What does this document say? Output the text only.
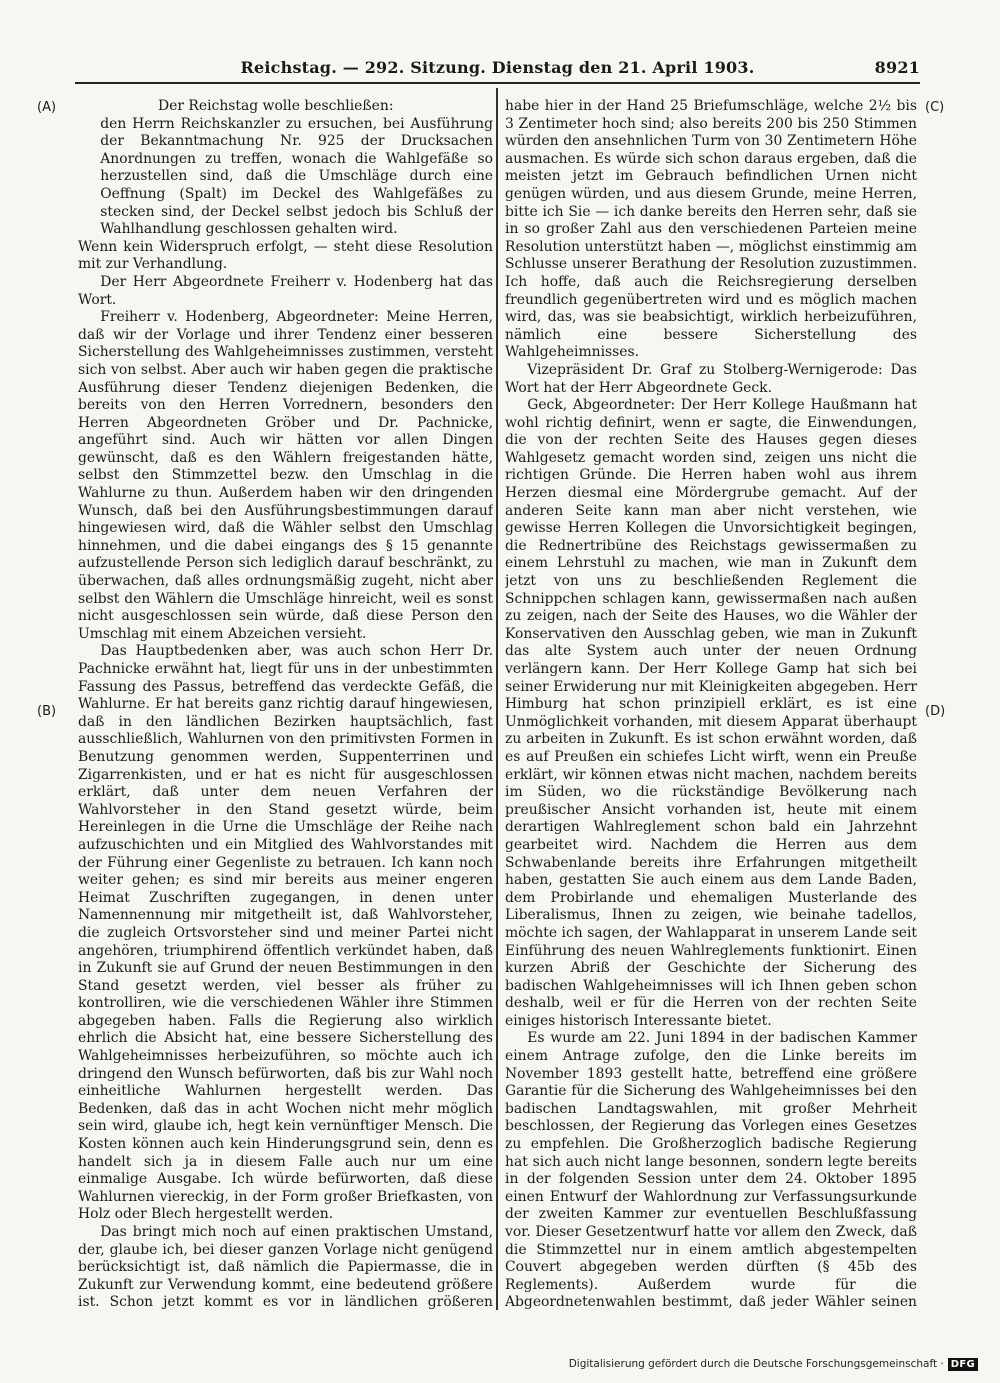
Reichstag. — 292. Sitzung. Dienstag den 21. April 1903.	8921
(A)
(B)
(C)
(D)

Der Reichstag wolle beschließen:

den Herrn Reichskanzler zu ersuchen, bei Ausführung der Bekanntmachung Nr. 925 der Drucksachen Anordnungen zu treffen, wonach die Wahlgefäße so herzustellen sind, daß die Umschläge durch eine Oeffnung (Spalt) im Deckel des Wahlgefäßes zu stecken sind, der Deckel selbst jedoch bis Schluß der Wahlhandlung geschlossen gehalten wird.

Wenn kein Widerspruch erfolgt, — steht diese Resolution mit zur Verhandlung.

Der Herr Abgeordnete Freiherr v. Hodenberg hat das Wort.

Freiherr v. Hodenberg, Abgeordneter: Meine Herren, daß wir der Vorlage und ihrer Tendenz einer besseren Sicherstellung des Wahlgeheimnisses zustimmen, versteht sich von selbst. Aber auch wir haben gegen die praktische Ausführung dieser Tendenz diejenigen Bedenken, die bereits von den Herren Vorrednern, besonders den Herren Abgeordneten Gröber und Dr. Pachnicke, angeführt sind. Auch wir hätten vor allen Dingen gewünscht, daß es den Wählern freigestanden hätte, selbst den Stimmzettel bezw. den Umschlag in die Wahlurne zu thun. Außerdem haben wir den dringenden Wunsch, daß bei den Ausführungsbestimmungen darauf hingewiesen wird, daß die Wähler selbst den Umschlag hinnehmen, und die dabei eingangs des § 15 genannte aufzustellende Person sich lediglich darauf beschränkt, zu überwachen, daß alles ordnungsmäßig zugeht, nicht aber selbst den Wählern die Umschläge hinreicht, weil es sonst nicht ausgeschlossen sein würde, daß diese Person den Umschlag mit einem Abzeichen versieht.

Das Hauptbedenken aber, was auch schon Herr Dr. Pachnicke erwähnt hat, liegt für uns in der unbestimmten Fassung des Passus, betreffend das verdeckte Gefäß, die Wahlurne. Er hat bereits ganz richtig darauf hingewiesen, daß in den ländlichen Bezirken hauptsächlich, fast ausschließlich, Wahlurnen von den primitivsten Formen in Benutzung genommen werden, Suppenterrinen und Zigarrenkisten, und er hat es nicht für ausgeschlossen erklärt, daß unter dem neuen Verfahren der Wahlvorsteher in den Stand gesetzt würde, beim Hereinlegen in die Urne die Umschläge der Reihe nach aufzuschichten und ein Mitglied des Wahlvorstandes mit der Führung einer Gegenliste zu betrauen. Ich kann noch weiter gehen; es sind mir bereits aus meiner engeren Heimat Zuschriften zugegangen, in denen unter Namennennung mir mitgetheilt ist, daß Wahlvorsteher, die zugleich Ortsvorsteher sind und meiner Partei nicht angehören, triumphirend öffentlich verkündet haben, daß in Zukunft sie auf Grund der neuen Bestimmungen in den Stand gesetzt werden, viel besser als früher zu kontrolliren, wie die verschiedenen Wähler ihre Stimmen abgegeben haben. Falls die Regierung also wirklich ehrlich die Absicht hat, eine bessere Sicherstellung des Wahlgeheimnisses herbeizuführen, so möchte auch ich dringend den Wunsch befürworten, daß bis zur Wahl noch einheitliche Wahlurnen hergestellt werden. Das Bedenken, daß das in acht Wochen nicht mehr möglich sein wird, glaube ich, hegt kein vernünftiger Mensch. Die Kosten können auch kein Hinderungsgrund sein, denn es handelt sich ja in diesem Falle auch nur um eine einmalige Ausgabe. Ich würde befürworten, daß diese Wahlurnen viereckig, in der Form großer Briefkasten, von Holz oder Blech hergestellt werden.

Das bringt mich noch auf einen praktischen Umstand, der, glaube ich, bei dieser ganzen Vorlage nicht genügend berücksichtigt ist, daß nämlich die Papiermasse, die in Zukunft zur Verwendung kommt, eine bedeutend größere ist. Schon jetzt kommt es vor in ländlichen größeren

habe hier in der Hand 25 Briefumschläge, welche 2½ bis 3 Zentimeter hoch sind; also bereits 200 bis 250 Stimmen würden den ansehnlichen Turm von 30 Zentimetern Höhe ausmachen. Es würde sich schon daraus ergeben, daß die meisten jetzt im Gebrauch befindlichen Urnen nicht genügen würden, und aus diesem Grunde, meine Herren, bitte ich Sie — ich danke bereits den Herren sehr, daß sie in so großer Zahl aus den verschiedenen Parteien meine Resolution unterstützt haben —, möglichst einstimmig am Schlusse unserer Berathung der Resolution zuzustimmen. Ich hoffe, daß auch die Reichsregierung derselben freundlich gegenübertreten wird und es möglich machen wird, das, was sie beabsichtigt, wirklich herbeizuführen, nämlich eine bessere Sicherstellung des Wahlgeheimnisses.

Vizepräsident Dr. Graf zu Stolberg-Wernigerode: Das Wort hat der Herr Abgeordnete Geck.

Geck, Abgeordneter: Der Herr Kollege Haußmann hat wohl richtig definirt, wenn er sagte, die Einwendungen, die von der rechten Seite des Hauses gegen dieses Wahlgesetz gemacht worden sind, zeigen uns nicht die richtigen Gründe. Die Herren haben wohl aus ihrem Herzen diesmal eine Mördergrube gemacht. Auf der anderen Seite kann man aber nicht verstehen, wie gewisse Herren Kollegen die Unvorsichtigkeit begingen, die Rednertribüne des Reichstags gewissermaßen zu einem Lehrstuhl zu machen, wie man in Zukunft dem jetzt von uns zu beschließenden Reglement die Schnippchen schlagen kann, gewissermaßen nach außen zu zeigen, nach der Seite des Hauses, wo die Wähler der Konservativen den Ausschlag geben, wie man in Zukunft das alte System auch unter der neuen Ordnung verlängern kann. Der Herr Kollege Gamp hat sich bei seiner Erwiderung nur mit Kleinigkeiten abgegeben. Herr Himburg hat schon prinzipiell erklärt, es ist eine Unmöglichkeit vorhanden, mit diesem Apparat überhaupt zu arbeiten in Zukunft. Es ist schon erwähnt worden, daß es auf Preußen ein schiefes Licht wirft, wenn ein Preuße erklärt, wir können etwas nicht machen, nachdem bereits im Süden, wo die rückständige Bevölkerung nach preußischer Ansicht vorhanden ist, heute mit einem derartigen Wahlreglement schon bald ein Jahrzehnt gearbeitet wird. Nachdem die Herren aus dem Schwabenlande bereits ihre Erfahrungen mitgetheilt haben, gestatten Sie auch einem aus dem Lande Baden, dem Probirlande und ehemaligen Musterlande des Liberalismus, Ihnen zu zeigen, wie beinahe tadellos, möchte ich sagen, der Wahlapparat in unserem Lande seit Einführung des neuen Wahlreglements funktionirt. Einen kurzen Abriß der Geschichte der Sicherung des badischen Wahlgeheimnisses will ich Ihnen geben schon deshalb, weil er für die Herren von der rechten Seite einiges historisch Interessante bietet.

Es wurde am 22. Juni 1894 in der badischen Kammer einem Antrage zufolge, den die Linke bereits im November 1893 gestellt hatte, betreffend eine größere Garantie für die Sicherung des Wahlgeheimnisses bei den badischen Landtagswahlen, mit großer Mehrheit beschlossen, der Regierung das Vorlegen eines Gesetzes zu empfehlen. Die Großherzoglich badische Regierung hat sich auch nicht lange besonnen, sondern legte bereits in der folgenden Session unter dem 24. Oktober 1895 einen Entwurf der Wahlordnung zur Verfassungsurkunde der zweiten Kammer zur eventuellen Beschlußfassung vor. Dieser Gesetzentwurf hatte vor allem den Zweck, daß die Stimmzettel nur in einem amtlich abgestempelten Couvert abgegeben werden dürften (§ 45b des Reglements). Außerdem wurde für die Abgeordnetenwahlen bestimmt, daß jeder Wähler seinen

Digitalisierung gefördert durch die Deutsche Forschungsgemeinschaft · DFG
